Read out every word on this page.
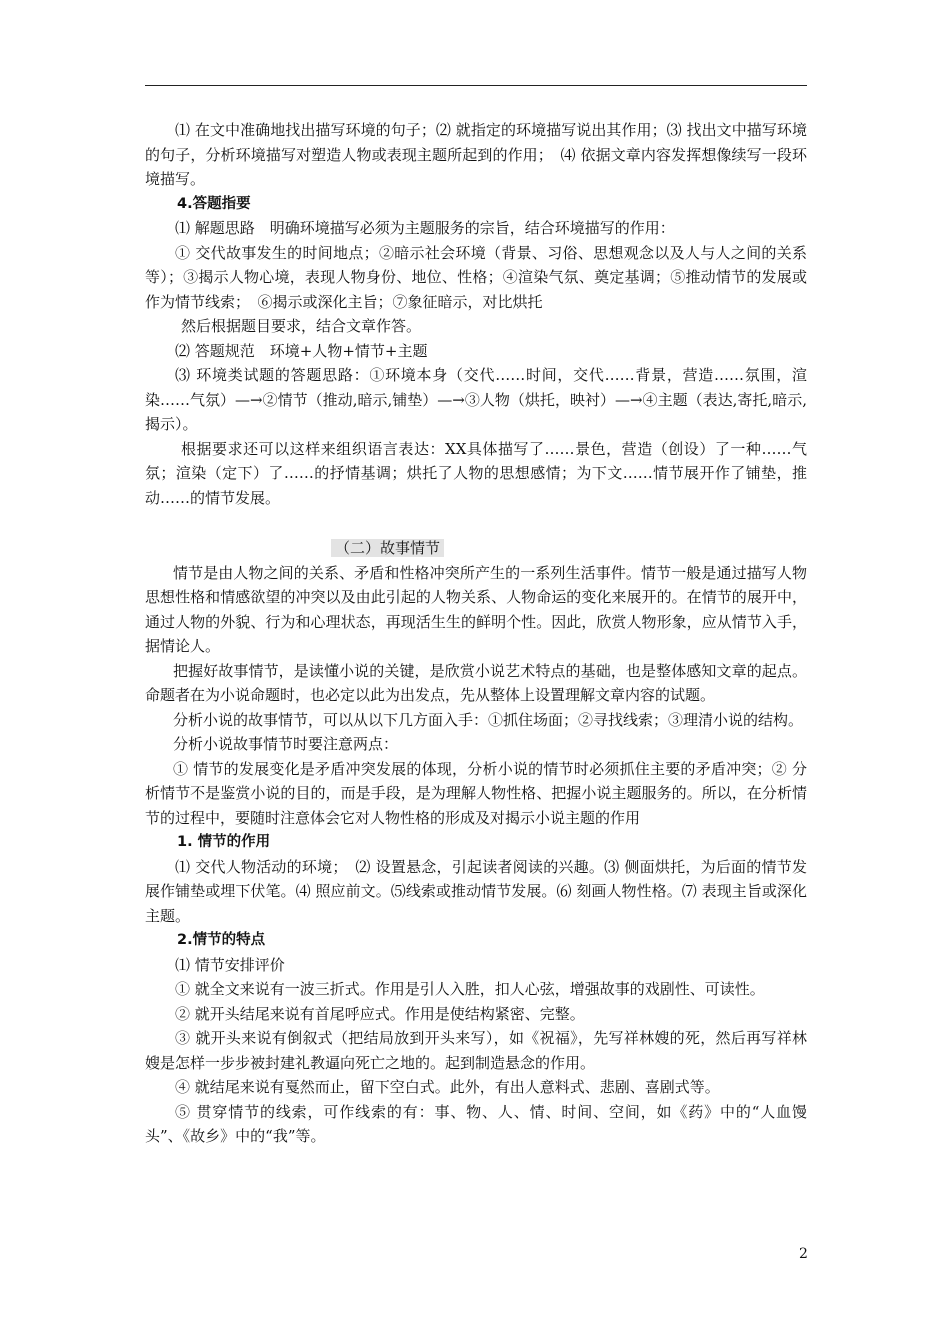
⑴ 在文中准确地找出描写环境的句子；⑵ 就指定的环境描写说出其作用；⑶ 找出文中描写环境的句子，分析环境描写对塑造人物或表现主题所起到的作用；　⑷ 依据文章内容发挥想像续写一段环境描写。

4.答题指要

⑴ 解题思路　明确环境描写必须为主题服务的宗旨，结合环境描写的作用：

① 交代故事发生的时间地点；②暗示社会环境（背景、习俗、思想观念以及人与人之间的关系等）；③揭示人物心境，表现人物身份、地位、性格；④渲染气氛、奠定基调；⑤推动情节的发展或作为情节线索；　⑥揭示或深化主旨；⑦象征暗示，对比烘托

然后根据题目要求，结合文章作答。

⑵ 答题规范　环境+人物+情节+主题

⑶ 环境类试题的答题思路：①环境本身（交代……时间，交代……背景，营造……氛围，渲染……气氛）—→②情节（推动,暗示,铺垫）—→③人物（烘托，映衬）—→④主题（表达,寄托,暗示,揭示）。

根据要求还可以这样来组织语言表达：XX具体描写了……景色，营造（创设）了一种……气氛；渲染（定下）了……的抒情基调；烘托了人物的思想感情；为下文……情节展开作了铺垫，推动……的情节发展。

（二）故事情节

情节是由人物之间的关系、矛盾和性格冲突所产生的一系列生活事件。情节一般是通过描写人物思想性格和情感欲望的冲突以及由此引起的人物关系、人物命运的变化来展开的。在情节的展开中，通过人物的外貌、行为和心理状态，再现活生生的鲜明个性。因此，欣赏人物形象，应从情节入手，据情论人。

把握好故事情节，是读懂小说的关键，是欣赏小说艺术特点的基础，也是整体感知文章的起点。命题者在为小说命题时，也必定以此为出发点，先从整体上设置理解文章内容的试题。

分析小说的故事情节，可以从以下几方面入手：①抓住场面；②寻找线索；③理清小说的结构。

分析小说故事情节时要注意两点：

① 情节的发展变化是矛盾冲突发展的体现，分析小说的情节时必须抓住主要的矛盾冲突；② 分析情节不是鉴赏小说的目的，而是手段，是为理解人物性格、把握小说主题服务的。所以，在分析情节的过程中，要随时注意体会它对人物性格的形成及对揭示小说主题的作用

1. 情节的作用

⑴ 交代人物活动的环境；　⑵ 设置悬念，引起读者阅读的兴趣。⑶ 侧面烘托，为后面的情节发展作铺垫或埋下伏笔。⑷ 照应前文。⑸线索或推动情节发展。⑹ 刻画人物性格。⑺ 表现主旨或深化主题。

2.情节的特点

⑴ 情节安排评价

① 就全文来说有一波三折式。作用是引人入胜，扣人心弦，增强故事的戏剧性、可读性。

② 就开头结尾来说有首尾呼应式。作用是使结构紧密、完整。

③ 就开头来说有倒叙式（把结局放到开头来写），如《祝福》，先写祥林嫂的死，然后再写祥林嫂是怎样一步步被封建礼教逼向死亡之地的。起到制造悬念的作用。

④ 就结尾来说有戛然而止，留下空白式。此外，有出人意料式、悲剧、喜剧式等。

⑤ 贯穿情节的线索，可作线索的有：事、物、人、情、时间、空间，如《药》中的“人血馒头”、《故乡》中的“我”等。

2
